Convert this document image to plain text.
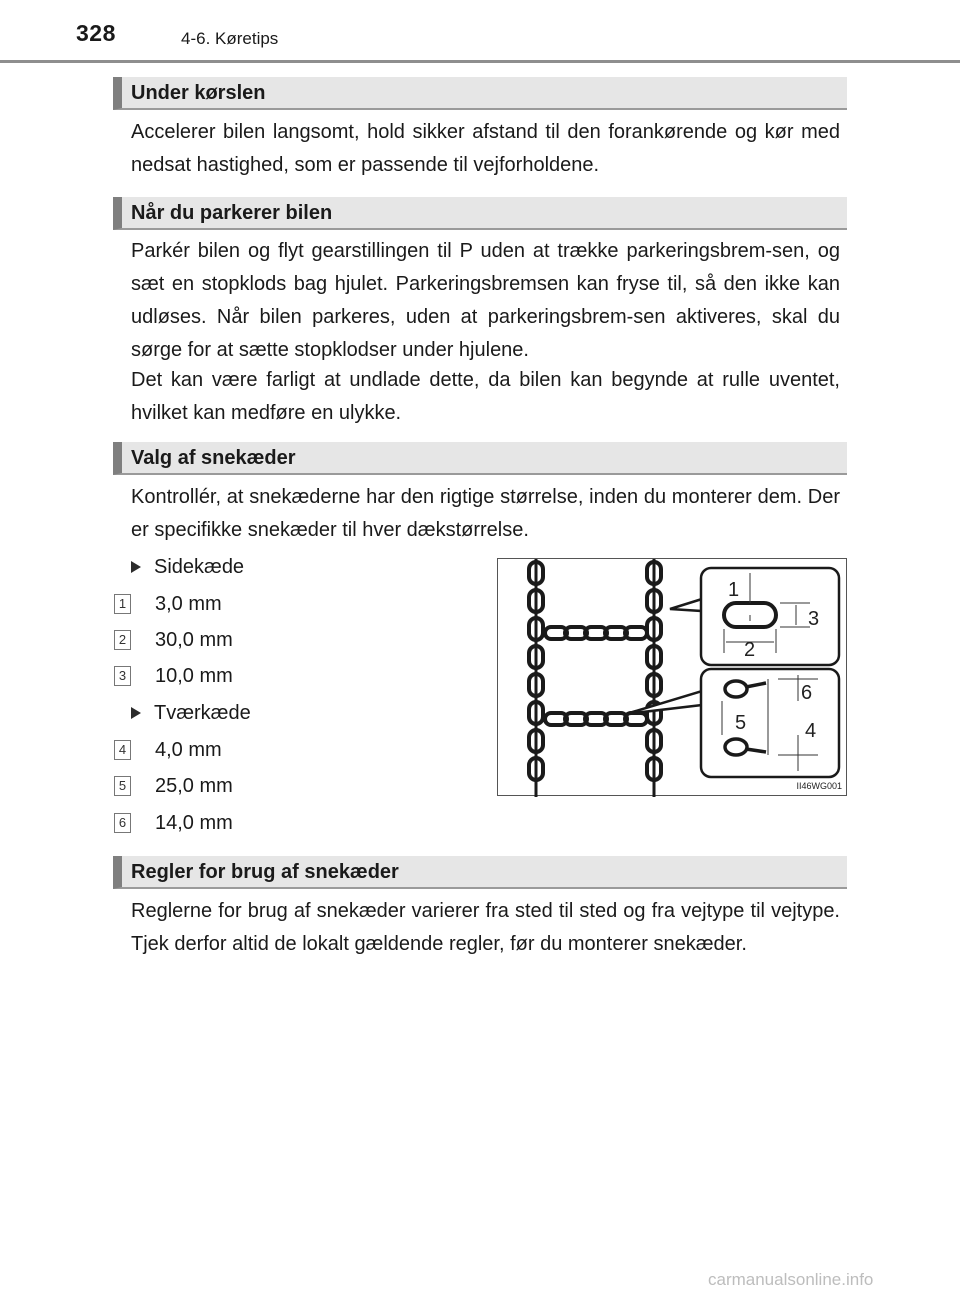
328	4-6. Køretips
Under kørslen

Accelerer bilen langsomt, hold sikker afstand til den forankørende og kør med nedsat hastighed, som er passende til vejforholdene.

Når du parkerer bilen

Parkér bilen og flyt gearstillingen til P uden at trække parkeringsbrem-sen, og sæt en stopklods bag hjulet. Parkeringsbremsen kan fryse til, så den ikke kan udløses. Når bilen parkeres, uden at parkeringsbrem-sen aktiveres, skal du sørge for at sætte stopklodser under hjulene.

Det kan være farligt at undlade dette, da bilen kan begynde at rulle uventet, hvilket kan medføre en ulykke.

Valg af snekæder

Kontrollér, at snekæderne har den rigtige størrelse, inden du monterer dem. Der er specifikke snekæder til hver dækstørrelse.

Sidekæde
1 3,0 mm
2 30,0 mm
3 10,0 mm
Tværkæde
4 4,0 mm
5 25,0 mm
6 14,0 mm
1
2
3
6
5	4
II46WG001
Regler for brug af snekæder

Reglerne for brug af snekæder varierer fra sted til sted og fra vejtype til vejtype. Tjek derfor altid de lokalt gældende regler, før du monterer snekæder.

carmanualsonline.info
